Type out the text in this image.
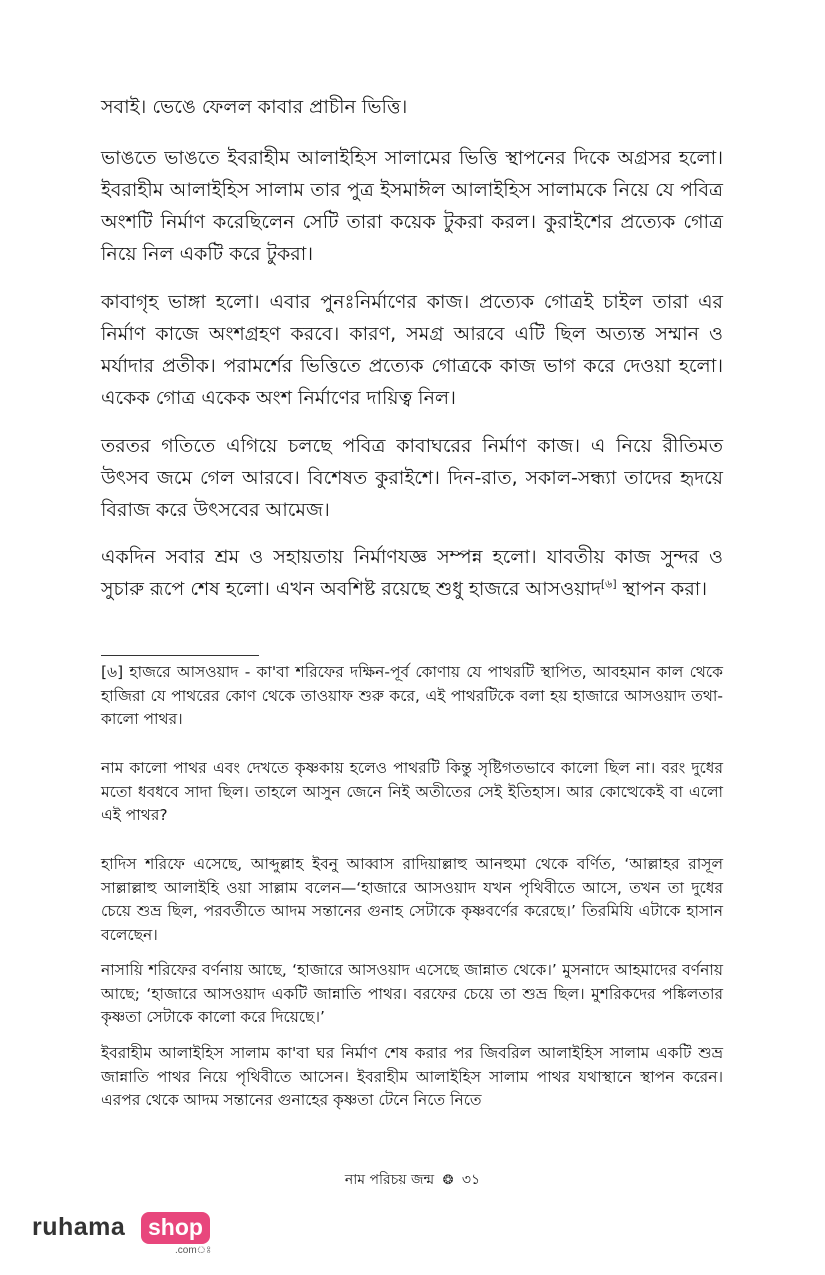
সবাই। ভেঙে ফেলল কাবার প্রাচীন ভিত্তি।

ভাঙতে ভাঙতে ইবরাহীম আলাইহিস সালামের ভিত্তি স্থাপনের দিকে অগ্রসর হলো। ইবরাহীম আলাইহিস সালাম তার পুত্র ইসমাঈল আলাইহিস সালামকে নিয়ে যে পবিত্র অংশটি নির্মাণ করেছিলেন সেটি তারা কয়েক টুকরা করল। কুরাইশের প্রত্যেক গোত্র নিয়ে নিল একটি করে টুকরা।

কাবাগৃহ ভাঙ্গা হলো। এবার পুনঃনির্মাণের কাজ। প্রত্যেক গোত্রই চাইল তারা এর নির্মাণ কাজে অংশগ্রহণ করবে। কারণ, সমগ্র আরবে এটি ছিল অত্যন্ত সম্মান ও মর্যাদার প্রতীক। পরামর্শের ভিত্তিতে প্রত্যেক গোত্রকে কাজ ভাগ করে দেওয়া হলো। একেক গোত্র একেক অংশ নির্মাণের দায়িত্ব নিল।

তরতর গতিতে এগিয়ে চলছে পবিত্র কাবাঘরের নির্মাণ কাজ। এ নিয়ে রীতিমত উৎসব জমে গেল আরবে। বিশেষত কুরাইশে। দিন-রাত, সকাল-সন্ধ্যা তাদের হৃদয়ে বিরাজ করে উৎসবের আমেজ।

একদিন সবার শ্রম ও সহায়তায় নির্মাণযজ্ঞ সম্পন্ন হলো। যাবতীয় কাজ সুন্দর ও সুচারু রূপে শেষ হলো। এখন অবশিষ্ট রয়েছে শুধু হাজরে আসওয়াদ[৬] স্থাপন করা।

[৬] হাজরে আসওয়াদ - কা'বা শরিফের দক্ষিন-পূর্ব কোণায় যে পাথরটি স্থাপিত, আবহমান কাল থেকে হাজিরা যে পাথরের কোণ থেকে তাওয়াফ শুরু করে, এই পাথরটিকে বলা হয় হাজারে আসওয়াদ তথা-কালো পাথর।

নাম কালো পাথর এবং দেখতে কৃষ্ণকায় হলেও পাথরটি কিন্তু সৃষ্টিগতভাবে কালো ছিল না। বরং দুধের মতো ধবধবে সাদা ছিল। তাহলে আসুন জেনে নিই অতীতের সেই ইতিহাস। আর কোত্থেকেই বা এলো এই পাথর?

হাদিস শরিফে এসেছে, আব্দুল্লাহ ইবনু আব্বাস রাদিয়াল্লাহু আনহুমা থেকে বর্ণিত, ‘আল্লাহর রাসূল সাল্লাল্লাহু আলাইহি ওয়া সাল্লাম বলেন—‘হাজারে আসওয়াদ যখন পৃথিবীতে আসে, তখন তা দুধের চেয়ে শুভ্র ছিল, পরবর্তীতে আদম সন্তানের গুনাহ সেটাকে কৃষ্ণবর্ণের করেছে।’ তিরমিযি এটাকে হাসান বলেছেন।

নাসায়ি শরিফের বর্ণনায় আছে, ‘হাজারে আসওয়াদ এসেছে জান্নাত থেকে।’ মুসনাদে আহমাদের বর্ণনায় আছে; ‘হাজারে আসওয়াদ একটি জান্নাতি পাথর। বরফের চেয়ে তা শুভ্র ছিল। মুশরিকদের পঙ্কিলতার কৃষ্ণতা সেটাকে কালো করে দিয়েছে।’

ইবরাহীম আলাইহিস সালাম কা'বা ঘর নির্মাণ শেষ করার পর জিবরিল আলাইহিস সালাম একটি শুভ্র জান্নাতি পাথর নিয়ে পৃথিবীতে আসেন। ইবরাহীম আলাইহিস সালাম পাথর যথাস্থানে স্থাপন করেন। এরপর থেকে আদম সন্তানের গুনাহের কৃষ্ণতা টেনে নিতে নিতে

নাম পরিচয় জন্ম ❂ ৩১
ruhama shop
.comঃ
